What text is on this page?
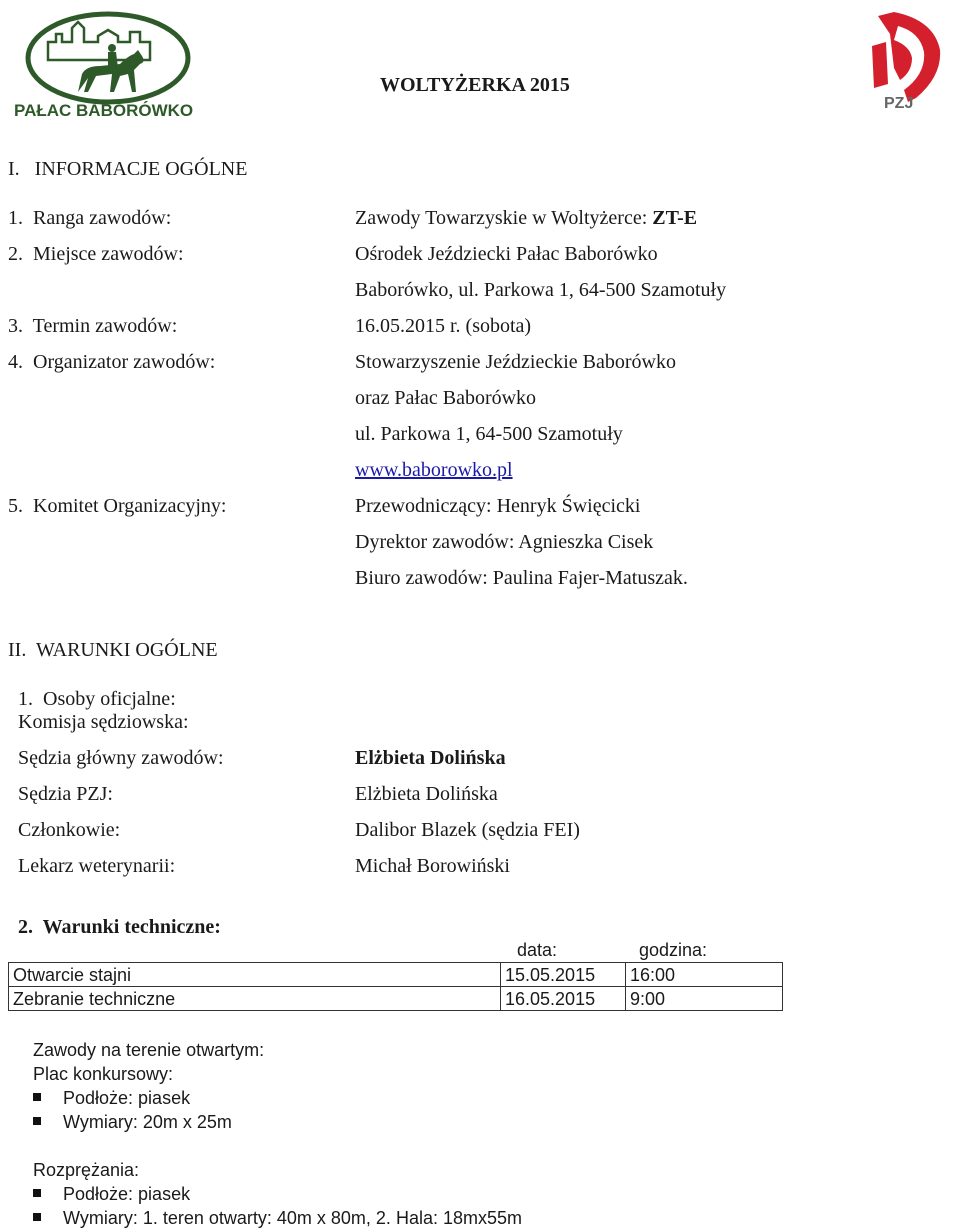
PAŁAC BABORÓWKO	PZJ
WOLTYŻERKA 2015
I.   INFORMACJE OGÓLNE
1.  Ranga zawodów:	Zawody Towarzyskie w Woltyżerce: ZT-E
2.  Miejsce zawodów:	Ośrodek Jeździecki Pałac Baborówko
Baborówko, ul. Parkowa 1, 64-500 Szamotuły
3.  Termin zawodów:	16.05.2015 r. (sobota)
4.  Organizator zawodów:	Stowarzyszenie Jeździeckie Baborówko
oraz Pałac Baborówko
ul. Parkowa 1, 64-500 Szamotuły
www.baborowko.pl
5.  Komitet Organizacyjny:	Przewodniczący: Henryk Święcicki
Dyrektor zawodów: Agnieszka Cisek
Biuro zawodów: Paulina Fajer-Matuszak.
II.  WARUNKI OGÓLNE
1.  Osoby oficjalne:
Komisja sędziowska:
Sędzia główny zawodów:	Elżbieta Dolińska
Sędzia PZJ:	Elżbieta Dolińska
Członkowie:	Dalibor Blazek (sędzia FEI)
Lekarz weterynarii:	Michał Borowiński
2.  Warunki techniczne:
data:	godzina:
Otwarcie stajni	15.05.2015	16:00
Zebranie techniczne	16.05.2015	9:00
Zawody na terenie otwartym:
Plac konkursowy:
Podłoże: piasek
Wymiary: 20m x 25m
Rozprężania:
Podłoże: piasek
Wymiary: 1. teren otwarty: 40m x 80m, 2. Hala: 18mx55m
